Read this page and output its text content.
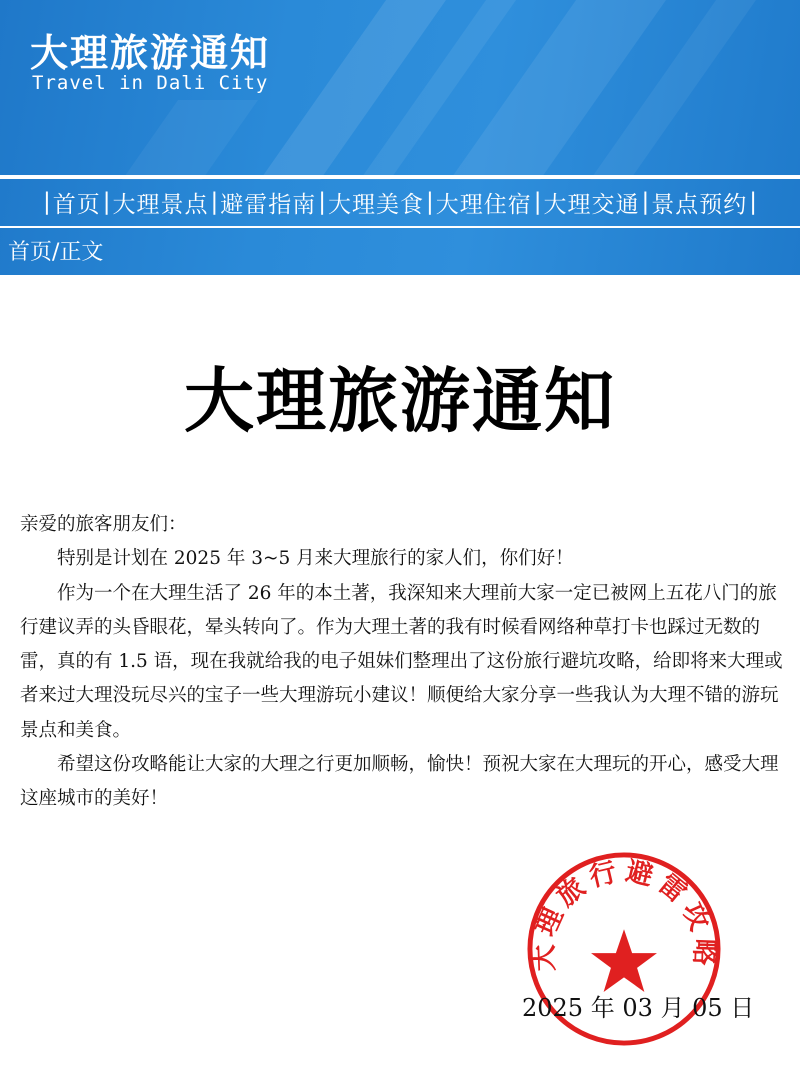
大理旅游通知
Travel in Dali City
| 首页 | 大理景点 | 避雷指南 | 大理美食 | 大理住宿 | 大理交通 | 景点预约 |
首页/正文
大理旅游通知

亲爱的旅客朋友们：

特别是计划在 2025 年 3~5 月来大理旅行的家人们，你们好！

作为一个在大理生活了 26 年的本土著，我深知来大理前大家一定已被网上五花八门的旅行建议弄的头昏眼花，晕头转向了。作为大理土著的我有时候看网络种草打卡也踩过无数的雷，真的有 1.5 语，现在我就给我的电子姐妹们整理出了这份旅行避坑攻略，给即将来大理或者来过大理没玩尽兴的宝子一些大理游玩小建议！顺便给大家分享一些我认为大理不错的游玩景点和美食。

希望这份攻略能让大家的大理之行更加顺畅，愉快！预祝大家在大理玩的开心，感受大理这座城市的美好！

大理旅行避雷攻略
2025 年 03 月 05 日
